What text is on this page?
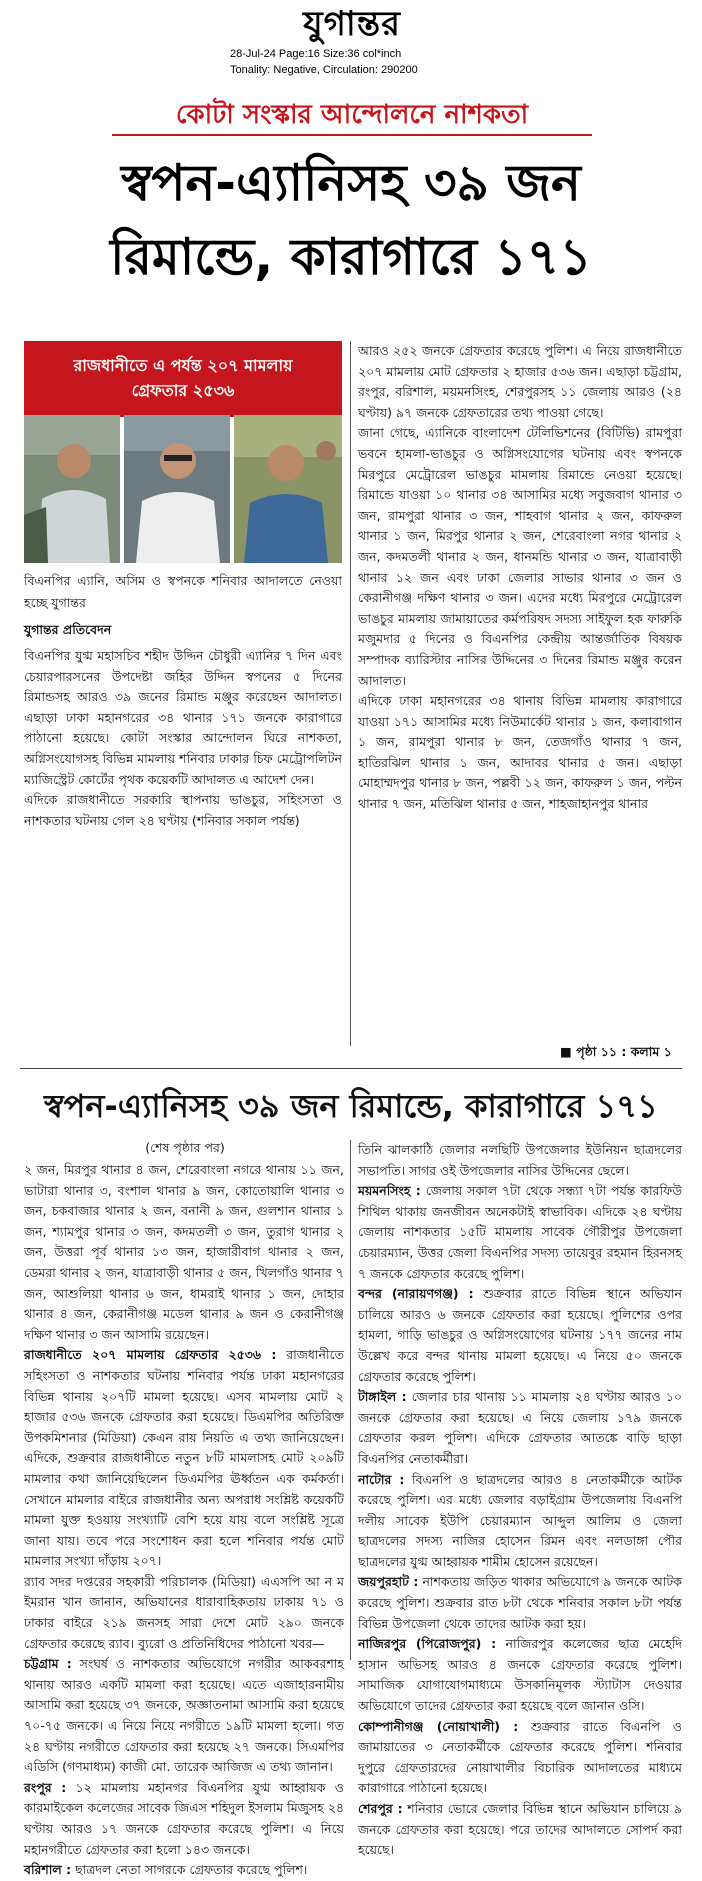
যুগান্তর
28-Jul-24 Page:16 Size:36 col*inch
Tonality: Negative, Circulation: 290200
কোটা সংস্কার আন্দোলনে নাশকতা
স্বপন-এ্যানিসহ ৩৯ জন
রিমান্ডে, কারাগারে ১৭১
রাজধানীতে এ পর্যন্ত ২০৭ মামলায়
গ্রেফতার ২৫৩৬
বিএনপির এ্যানি, অসিম ও স্বপনকে শনিবার আদালতে নেওয়া হচ্ছে যুগান্তর
যুগান্তর প্রতিবেদন

বিএনপির যুগ্ম মহাসচিব শহীদ উদ্দিন চৌধুরী এ্যানির ৭ দিন এবং চেয়ারপারসনের উপদেষ্টা জহির উদ্দিন স্বপনের ৫ দিনের রিমান্ডসহ আরও ৩৯ জনের রিমান্ড মঞ্জুর করেছেন আদালত। এছাড়া ঢাকা মহানগরের ৩৪ থানার ১৭১ জনকে কারাগারে পাঠানো হয়েছে। কোটা সংস্কার আন্দোলন ঘিরে নাশকতা, অগ্নিসংযোগসহ বিভিন্ন মামলায় শনিবার ঢাকার চিফ মেট্রোপলিটন ম্যাজিস্ট্রেট কোর্টের পৃথক কয়েকটি আদালত এ আদেশ দেন।

এদিকে রাজধানীতে সরকারি স্থাপনায় ভাঙচুর, সহিংসতা ও নাশকতার ঘটনায় গেল ২৪ ঘণ্টায় (শনিবার সকাল পর্যন্ত)

আরও ২৫২ জনকে গ্রেফতার করেছে পুলিশ। এ নিয়ে রাজধানীতে ২০৭ মামলায় মোট গ্রেফতার ২ হাজার ৫৩৬ জন। এছাড়া চট্টগ্রাম, রংপুর, বরিশাল, ময়মনসিংহ, শেরপুরসহ ১১ জেলায় আরও (২৪ ঘণ্টায়) ৯৭ জনকে গ্রেফতারের তথ্য পাওয়া গেছে।

জানা গেছে, এ্যানিকে বাংলাদেশ টেলিভিশনের (বিটিভি) রামপুরা ভবনে হামলা-ভাঙচুর ও অগ্নিসংযোগের ঘটনায় এবং স্বপনকে মিরপুরে মেট্রোরেল ভাঙচুর মামলায় রিমান্ডে নেওয়া হয়েছে। রিমান্ডে যাওয়া ১০ থানার ৩৪ আসামির মধ্যে সবুজবাগ থানার ৩ জন, রামপুরা থানার ৩ জন, শাহবাগ থানার ২ জন, কাফরুল থানার ১ জন, মিরপুর থানার ২ জন, শেরেবাংলা নগর থানার ২ জন, কদমতলী থানার ২ জন, ধানমন্ডি থানার ৩ জন, যাত্রাবাড়ী থানার ১২ জন এবং ঢাকা জেলার সাভার থানার ৩ জন ও কেরানীগঞ্জ দক্ষিণ থানার ৩ জন। এদের মধ্যে মিরপুরে মেট্রোরেল ভাঙচুর মামলায় জামায়াতের কর্মপরিষদ সদস্য সাইফুল হক ফারুকি মজুমদার ৫ দিনের ও বিএনপির কেন্দ্রীয় আন্তর্জাতিক বিষয়ক সম্পাদক ব্যারিস্টার নাসির উদ্দিনের ৩ দিনের রিমান্ড মঞ্জুর করেন আদালত।

এদিকে ঢাকা মহানগরের ৩৪ থানায় বিভিন্ন মামলায় কারাগারে যাওয়া ১৭১ আসামির মধ্যে নিউমার্কেট থানার ১ জন, কলাবাগান ১ জন, রামপুরা থানার ৮ জন, তেজগাঁও থানার ৭ জন, হাতিরঝিল থানার ১ জন, আদাবর থানার ৫ জন। এছাড়া মোহাম্মদপুর থানার ৮ জন, পল্লবী ১২ জন, কাফরুল ১ জন, পল্টন থানার ৭ জন, মতিঝিল থানার ৫ জন, শাহজাহানপুর থানার

■ পৃষ্ঠা ১১ : কলাম ১
স্বপন-এ্যানিসহ ৩৯ জন রিমান্ডে, কারাগারে ১৭১
(শেষ পৃষ্ঠার পর)

২ জন, মিরপুর থানার ৪ জন, শেরেবাংলা নগরে থানায় ১১ জন, ভাটারা থানার ৩, বংশাল থানার ৯ জন, কোতোয়ালি থানার ৩ জন, চকবাজার থানার ২ জন, বনানী ৯ জন, গুলশান থানার ১ জন, শ্যামপুর থানার ৩ জন, কদমতলী ৩ জন, তুরাগ থানার ২ জন, উত্তরা পূর্ব থানার ১৩ জন, হাজারীবাগ থানার ২ জন, ডেমরা থানার ২ জন, যাত্রাবাড়ী থানার ৫ জন, খিলগাঁও থানার ৭ জন, আশুলিয়া থানার ৬ জন, ধামরাই থানার ১ জন, দোহার থানার ৪ জন, কেরানীগঞ্জ মডেল থানার ৯ জন ও কেরানীগঞ্জ দক্ষিণ থানার ৩ জন আসামি রয়েছেন।

রাজধানীতে ২০৭ মামলায় গ্রেফতার ২৫৩৬ : রাজধানীতে সহিংসতা ও নাশকতার ঘটনায় শনিবার পর্যন্ত ঢাকা মহানগরের বিভিন্ন থানায় ২০৭টি মামলা হয়েছে। এসব মামলায় মোট ২ হাজার ৫৩৬ জনকে গ্রেফতার করা হয়েছে। ডিএমপির অতিরিক্ত উপকমিশনার (মিডিয়া) কেএন রায় নিয়তি এ তথ্য জানিয়েছেন। এদিকে, শুক্রবার রাজধানীতে নতুন ৮টি মামলাসহ মোট ২০৯টি মামলার কথা জানিয়েছিলেন ডিএমপির ঊর্ধ্বতন এক কর্মকর্তা। সেখানে মামলার বাইরে রাজধানীর অন্য অপরাধ সংশ্লিষ্ট কয়েকটি মামলা যুক্ত হওয়ায় সংখ্যাটি বেশি হয়ে যায় বলে সংশ্লিষ্ট সূত্রে জানা যায়। তবে পরে সংশোধন করা হলে শনিবার পর্যন্ত মোট মামলার সংখ্যা দাঁড়ায় ২০৭।

র‌্যাব সদর দপ্তরের সহকারী পরিচালক (মিডিয়া) এএসপি আ ন ম ইমরান খান জানান, অভিযানের ধারাবাহিকতায় ঢাকায় ৭১ ও ঢাকার বাইরে ২১৯ জনসহ সারা দেশে মোট ২৯০ জনকে গ্রেফতার করেছে র‌্যাব। ব্যুরো ও প্রতিনিধিদের পাঠানো খবর—

চট্টগ্রাম : সংঘর্ষ ও নাশকতার অভিযোগে নগরীর আকবরশাহ থানায় আরও একটি মামলা করা হয়েছে। এতে এজাহারনামীয় আসামি করা হয়েছে ৩৭ জনকে, অজ্ঞাতনামা আসামি করা হয়েছে ৭০-৭৫ জনকে। এ নিয়ে নিয়ে নগরীতে ১৯টি মামলা হলো। গত ২৪ ঘণ্টায় নগরীতে গ্রেফতার করা হয়েছে ২৭ জনকে। সিএমপির এডিসি (গণমাধ্যম) কাজী মো. তারেক আজিজ এ তথ্য জানান।

রংপুর : ১২ মামলায় মহানগর বিএনপির যুগ্ম আহ্বায়ক ও কারমাইকেল কলেজের সাবেক জিএস শহিদুল ইসলাম মিজুসহ ২৪ ঘণ্টায় আরও ১৭ জনকে গ্রেফতার করেছে পুলিশ। এ নিয়ে মহানগরীতে গ্রেফতার করা হলো ১৪৩ জনকে।

বরিশাল : ছাত্রদল নেতা সাগরকে গ্রেফতার করেছে পুলিশ।

তিনি ঝালকাঠি জেলার নলছিটি উপজেলার ইউনিয়ন ছাত্রদলের সভাপতি। সাগর ওই উপজেলার নাসির উদ্দিনের ছেলে।

ময়মনসিংহ : জেলায় সকাল ৭টা থেকে সন্ধ্যা ৭টা পর্যন্ত কারফিউ শিথিল থাকায় জনজীবন অনেকটাই স্বাভাবিক। এদিকে ২৪ ঘণ্টায় জেলায় নাশকতার ১৫টি মামলায় সাবেক গৌরীপুর উপজেলা চেয়ারম্যান, উত্তর জেলা বিএনপির সদস্য তায়েবুর রহমান হিরনসহ ৭ জনকে গ্রেফতার করেছে পুলিশ।

বন্দর (নারায়ণগঞ্জ) : শুক্রবার রাতে বিভিন্ন স্থানে অভিযান চালিয়ে আরও ৬ জনকে গ্রেফতার করা হয়েছে। পুলিশের ওপর হামলা, গাড়ি ভাঙচুর ও অগ্নিসংযোগের ঘটনায় ১৭৭ জনের নাম উল্লেখ করে বন্দর থানায় মামলা হয়েছে। এ নিয়ে ৫০ জনকে গ্রেফতার করেছে পুলিশ।

টাঙ্গাইল : জেলার চার থানায় ১১ মামলায় ২৪ ঘণ্টায় আরও ১০ জনকে গ্রেফতার করা হয়েছে। এ নিয়ে জেলায় ১৭৯ জনকে গ্রেফতার করল পুলিশ। এদিকে গ্রেফতার আতঙ্কে বাড়ি ছাড়া বিএনপির নেতাকর্মীরা।

নাটোর : বিএনপি ও ছাত্রদলের আরও ৪ নেতাকর্মীকে আটক করেছে পুলিশ। এর মধ্যে জেলার বড়াইগ্রাম উপজেলায় বিএনপি দলীয় সাবেক ইউপি চেয়ারম্যান আব্দুল আলিম ও জেলা ছাত্রদলের সদস্য নাজির হোসেন রিমন এবং নলডাঙ্গা পৌর ছাত্রদলের যুগ্ম আহ্বায়ক শামীম হোসেন রয়েছেন।

জয়পুরহাট : নাশকতায় জড়িত থাকার অভিযোগে ৯ জনকে আটক করেছে পুলিশ। শুক্রবার রাত ৮টা থেকে শনিবার সকাল ৮টা পর্যন্ত বিভিন্ন উপজেলা থেকে তাদের আটক করা হয়।

নাজিরপুর (পিরোজপুর) : নাজিরপুর কলেজের ছাত্র মেহেদি হাসান অভিসহ আরও ৪ জনকে গ্রেফতার করেছে পুলিশ। সামাজিক যোগাযোগমাধ্যমে উসকানিমূলক স্ট্যাটাস দেওয়ার অভিযোগে তাদের গ্রেফতার করা হয়েছে বলে জানান ওসি।

কোম্পানীগঞ্জ (নোয়াখালী) : শুক্রবার রাতে বিএনপি ও জামায়াতের ৩ নেতাকর্মীকে গ্রেফতার করেছে পুলিশ। শনিবার দুপুরে গ্রেফতারদের নোয়াখালীর বিচারিক আদালতের মাধ্যমে কারাগারে পাঠানো হয়েছে।

শেরপুর : শনিবার ভোরে জেলার বিভিন্ন স্থানে অভিযান চালিয়ে ৯ জনকে গ্রেফতার করা হয়েছে। পরে তাদের আদালতে সোপর্দ করা হয়েছে।
